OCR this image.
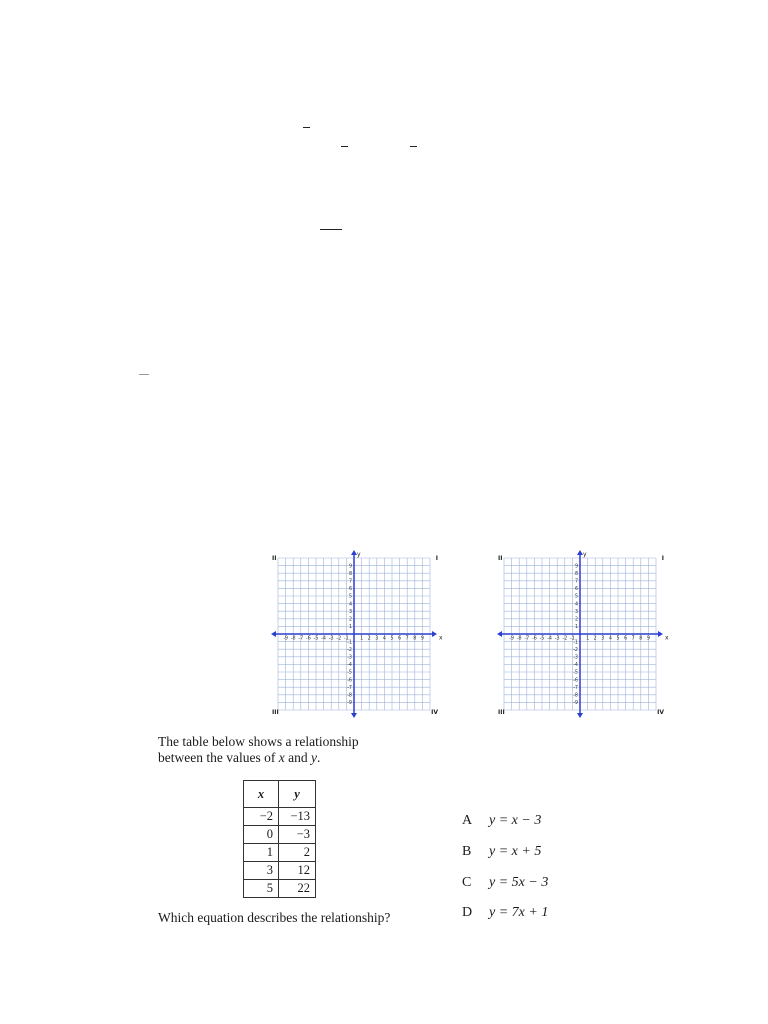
-9 -8 -7 -6 -5 -4 -3 -2 -1 1 2 3 4 5 6 7 8 9
9
8
7
6
5
4
3
2
1
-1
-2
-3
-4
-5
-6
-7
-8
-9
x
y
II	I
III	IV
-9 -8 -7 -6 -5 -4 -3 -2 -1 1 2 3 4 5 6 7 8 9
9
8
7
6
5
4
3
2
1
-1
-2
-3
-4
-5
-6
-7
-8
-9
x
y
II	I
III	IV
The table below shows a relationship
between the values of x and y.
x	y
−2	−13
0	−3
1	2
3	12
5	22
Which equation describes the relationship?
A y = x − 3
B y = x + 5
C y = 5x − 3
D y = 7x + 1
